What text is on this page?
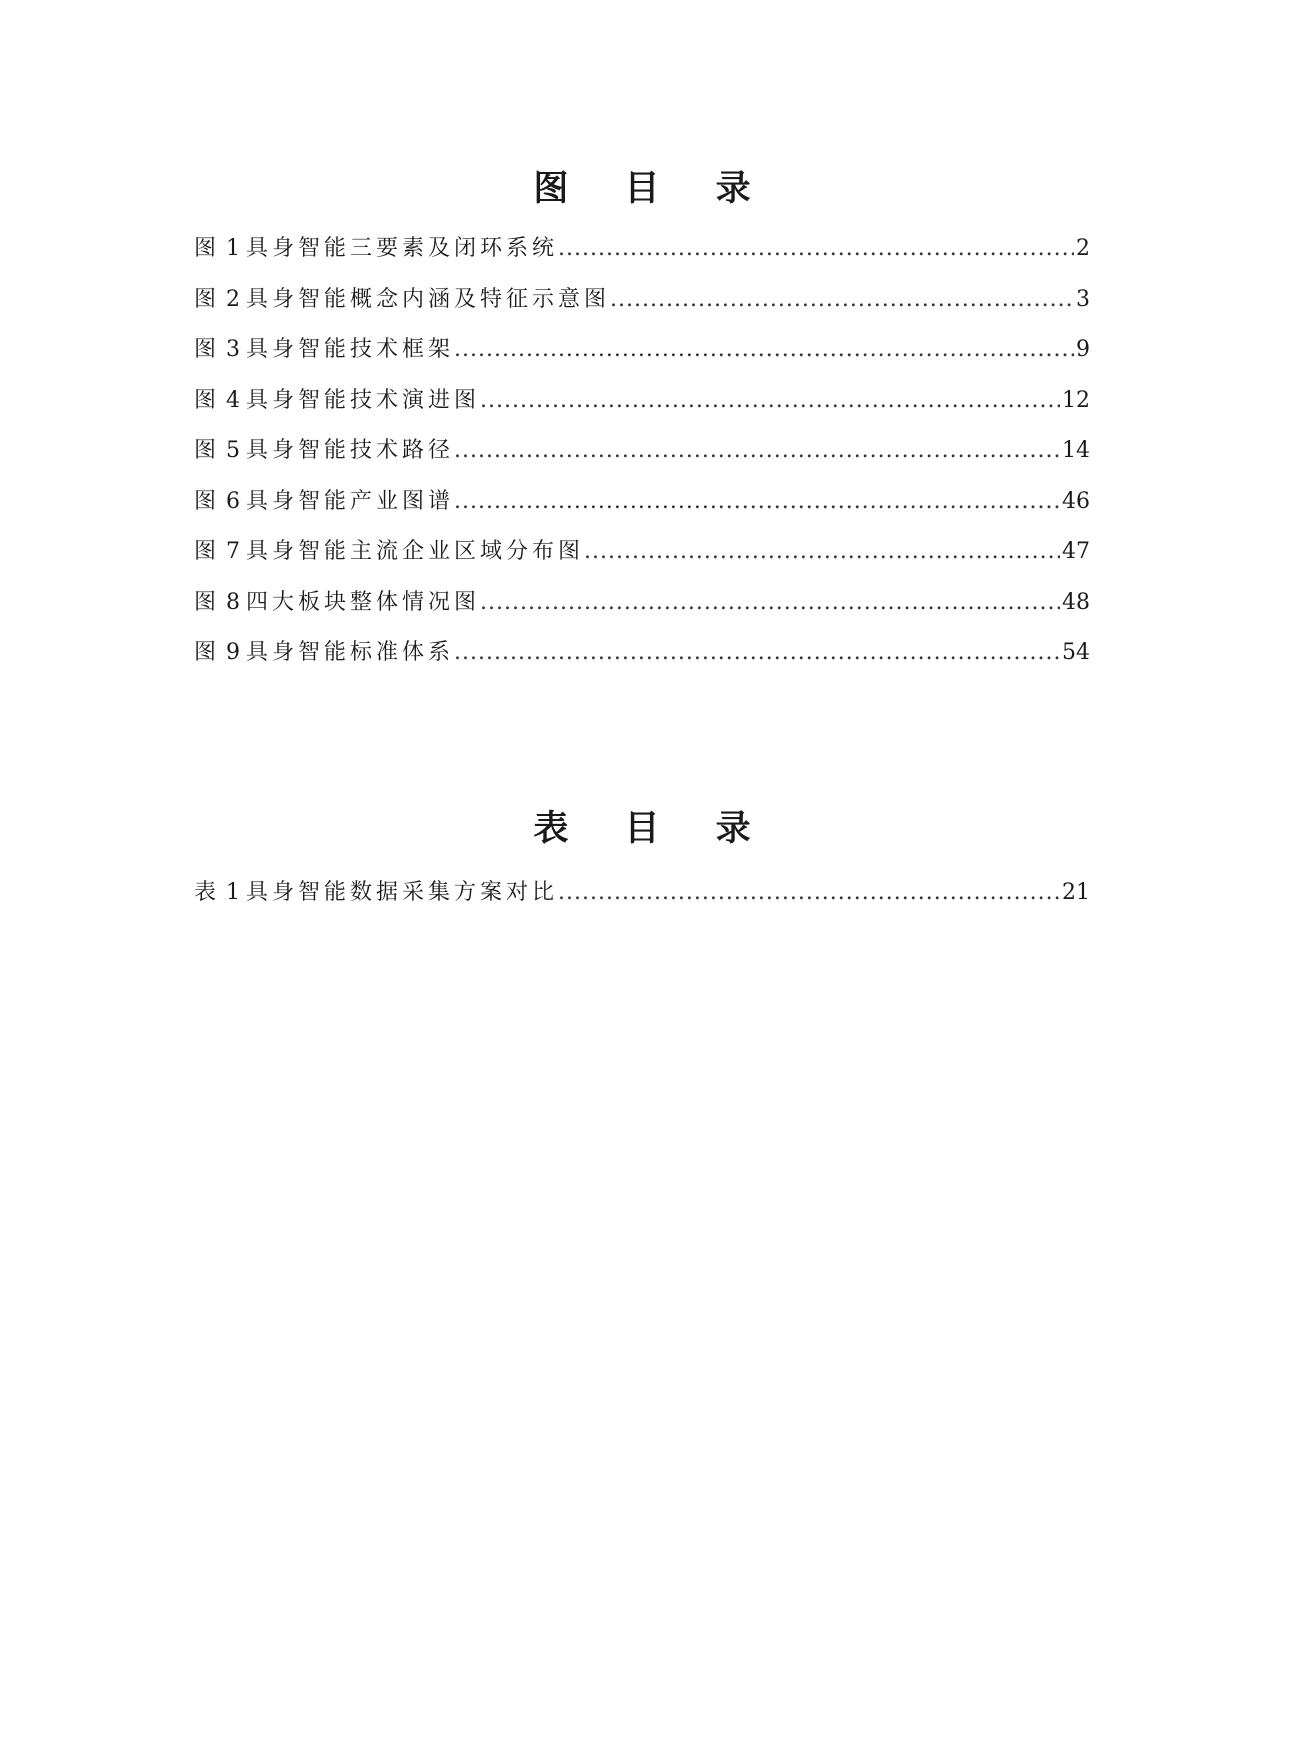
图 目 录
图 1 具身智能三要素及闭环系统 .....	2
图 2 具身智能概念内涵及特征示意图 .....	3
图 3 具身智能技术框架 .....	9
图 4 具身智能技术演进图 .....	12
图 5 具身智能技术路径 .....	14
图 6 具身智能产业图谱 .....	46
图 7 具身智能主流企业区域分布图 .....	47
图 8 四大板块整体情况图 .....	48
图 9 具身智能标准体系 .....	54
表 目 录
表 1 具身智能数据采集方案对比 .....	21
